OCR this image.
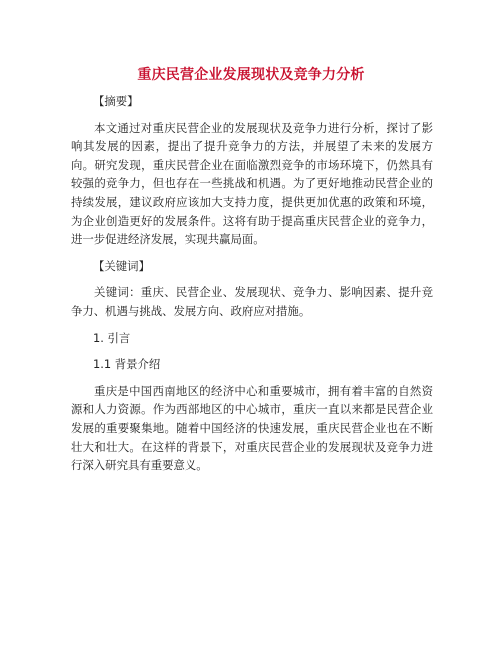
重庆民营企业发展现状及竞争力分析
【摘要】
本文通过对重庆民营企业的发展现状及竞争力进行分析，探讨了影响其发展的因素，提出了提升竞争力的方法，并展望了未来的发展方向。研究发现，重庆民营企业在面临激烈竞争的市场环境下，仍然具有较强的竞争力，但也存在一些挑战和机遇。为了更好地推动民营企业的持续发展，建议政府应该加大支持力度，提供更加优惠的政策和环境，为企业创造更好的发展条件。这将有助于提高重庆民营企业的竞争力，进一步促进经济发展，实现共赢局面。
【关键词】
关键词：重庆、民营企业、发展现状、竞争力、影响因素、提升竞争力、机遇与挑战、发展方向、政府应对措施。
1. 引言
1.1 背景介绍
重庆是中国西南地区的经济中心和重要城市，拥有着丰富的自然资源和人力资源。作为西部地区的中心城市，重庆一直以来都是民营企业发展的重要聚集地。随着中国经济的快速发展，重庆民营企业也在不断壮大和壮大。在这样的背景下，对重庆民营企业的发展现状及竞争力进行深入研究具有重要意义。
